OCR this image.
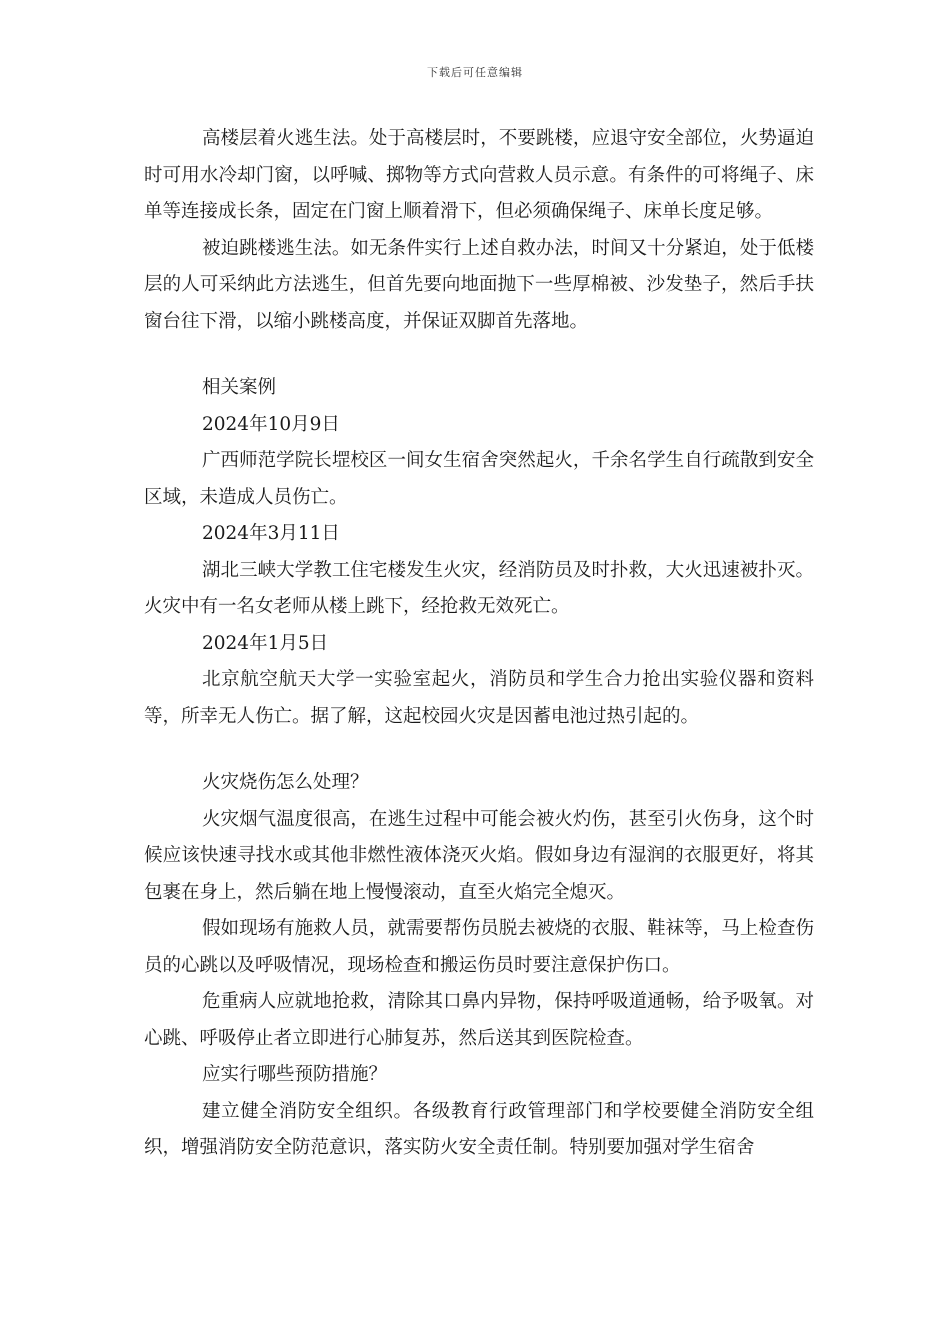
下载后可任意编辑

高楼层着火逃生法。处于高楼层时，不要跳楼，应退守安全部位，火势逼迫时可用水冷却门窗，以呼喊、掷物等方式向营救人员示意。有条件的可将绳子、床单等连接成长条，固定在门窗上顺着滑下，但必须确保绳子、床单长度足够。

被迫跳楼逃生法。如无条件实行上述自救办法，时间又十分紧迫，处于低楼层的人可采纳此方法逃生，但首先要向地面抛下一些厚棉被、沙发垫子，然后手扶窗台往下滑，以缩小跳楼高度，并保证双脚首先落地。

相关案例

2024年10月9日

广西师范学院长堽校区一间女生宿舍突然起火，千余名学生自行疏散到安全区域，未造成人员伤亡。

2024年3月11日

湖北三峡大学教工住宅楼发生火灾，经消防员及时扑救，大火迅速被扑灭。火灾中有一名女老师从楼上跳下，经抢救无效死亡。

2024年1月5日

北京航空航天大学一实验室起火，消防员和学生合力抢出实验仪器和资料等，所幸无人伤亡。据了解，这起校园火灾是因蓄电池过热引起的。

火灾烧伤怎么处理？

火灾烟气温度很高，在逃生过程中可能会被火灼伤，甚至引火伤身，这个时候应该快速寻找水或其他非燃性液体浇灭火焰。假如身边有湿润的衣服更好，将其包裹在身上，然后躺在地上慢慢滚动，直至火焰完全熄灭。

假如现场有施救人员，就需要帮伤员脱去被烧的衣服、鞋袜等，马上检查伤员的心跳以及呼吸情况，现场检查和搬运伤员时要注意保护伤口。

危重病人应就地抢救，清除其口鼻内异物，保持呼吸道通畅，给予吸氧。对心跳、呼吸停止者立即进行心肺复苏，然后送其到医院检查。

应实行哪些预防措施？

建立健全消防安全组织。各级教育行政管理部门和学校要健全消防安全组织，增强消防安全防范意识，落实防火安全责任制。特别要加强对学生宿舍
